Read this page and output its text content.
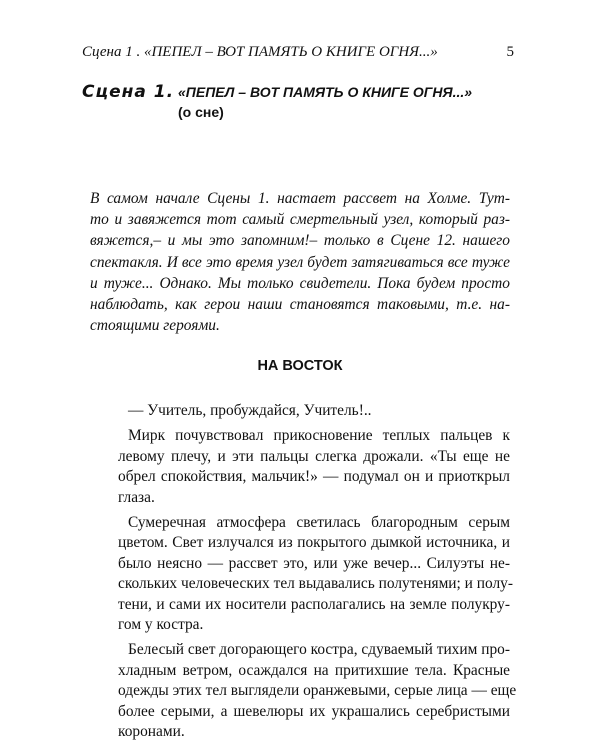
Сцена 1 . «ПЕПЕЛ – ВОТ ПАМЯТЬ О КНИГЕ ОГНЯ...»	5
Сцена 1. «ПЕПЕЛ – ВОТ ПАМЯТЬ О КНИГЕ ОГНЯ...»
(о сне)
В самом начале Сцены 1. настает рассвет на Холме. Тут-
то и завяжется тот самый смертельный узел, который раз-
вяжется,– и мы это запомним!– только в Сцене 12. нашего
спектакля. И все это время узел будет затягиваться все туже
и туже... Однако. Мы только свидетели. Пока будем просто
наблюдать, как герои наши становятся таковыми, т.е. на-
стоящими героями.
НА ВОСТОК
— Учитель, пробуждайся, Учитель!..
Мирк почувствовал прикосновение теплых пальцев к
левому плечу, и эти пальцы слегка дрожали. «Ты еще не
обрел спокойствия, мальчик!» — подумал он и приоткрыл
глаза.
Сумеречная атмосфера светилась благородным серым
цветом. Свет излучался из покрытого дымкой источника, и
было неясно — рассвет это, или уже вечер... Силуэты не-
скольких человеческих тел выдавались полутенями; и полу-
тени, и сами их носители располагались на земле полукру-
гом у костра.
Белесый свет догорающего костра, сдуваемый тихим про-
хладным ветром, осаждался на притихшие тела. Красные
одежды этих тел выглядели оранжевыми, серые лица — еще
более серыми, а шевелюры их украшались серебристыми
коронами.
